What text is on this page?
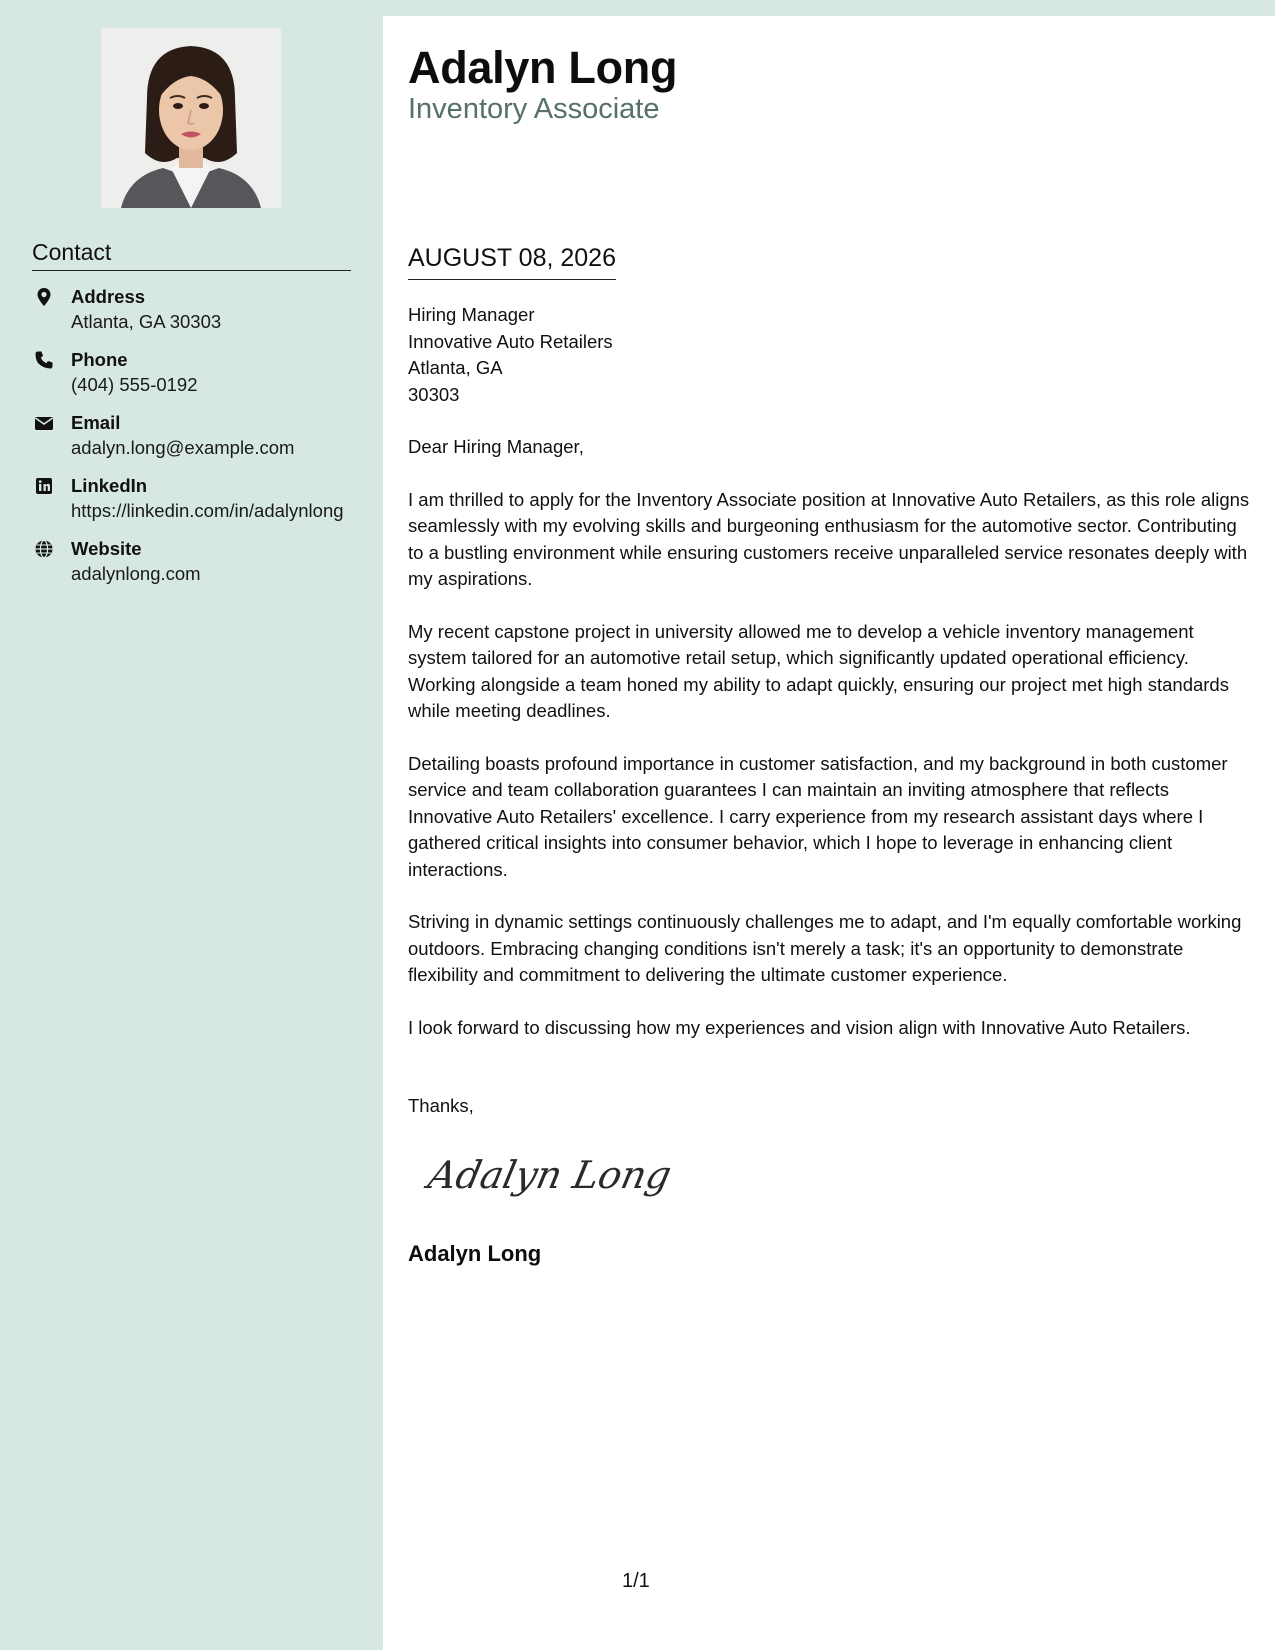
Contact
Address
Atlanta, GA 30303
Phone
(404) 555-0192
Email
adalyn.long@example.com
LinkedIn
https://linkedin.com/in/adalynlong
Website
adalynlong.com
Adalyn Long
Inventory Associate
AUGUST 08, 2026

Hiring Manager
Innovative Auto Retailers
Atlanta, GA
30303

Dear Hiring Manager,

I am thrilled to apply for the Inventory Associate position at Innovative Auto Retailers, as this role aligns seamlessly with my evolving skills and burgeoning enthusiasm for the automotive sector. Contributing to a bustling environment while ensuring customers receive unparalleled service resonates deeply with my aspirations.

My recent capstone project in university allowed me to develop a vehicle inventory management system tailored for an automotive retail setup, which significantly updated operational efficiency. Working alongside a team honed my ability to adapt quickly, ensuring our project met high standards while meeting deadlines.

Detailing boasts profound importance in customer satisfaction, and my background in both customer service and team collaboration guarantees I can maintain an inviting atmosphere that reflects Innovative Auto Retailers' excellence. I carry experience from my research assistant days where I gathered critical insights into consumer behavior, which I hope to leverage in enhancing client interactions.

Striving in dynamic settings continuously challenges me to adapt, and I'm equally comfortable working outdoors. Embracing changing conditions isn't merely a task; it's an opportunity to demonstrate flexibility and commitment to delivering the ultimate customer experience.

I look forward to discussing how my experiences and vision align with Innovative Auto Retailers.

Thanks,
Adalyn Long
Adalyn Long
1/1
